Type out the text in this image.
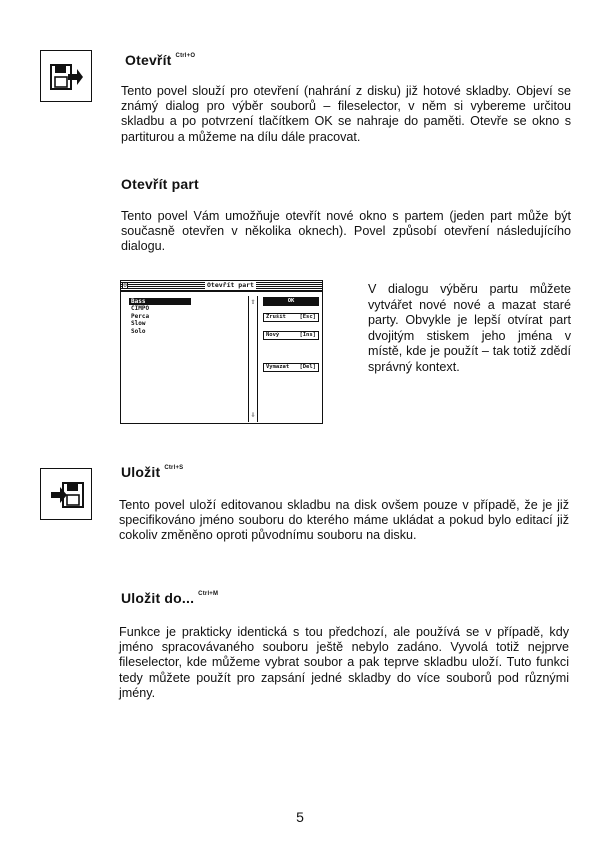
Otevřít $^{Ctrl+O}$

Tento povel slouží pro otevření (nahrání z disku) již hotové skladby. Objeví se známý dialog pro výběr souborů – fileselector, v něm si vybereme určitou skladbu a po potvrzení tlačítkem OK se nahraje do paměti. Otevře se okno s partiturou a můžeme na dílu dále pracovat.

Otevřít part

Tento povel Vám umožňuje otevřít nové okno s partem (jeden part může být současně otevřen v několika oknech). Povel způsobí otevření následujícího dialogu.

0	Otevřít part
Bass
CIMPO
Perca
Slow
Solo
⇧
⇩
OK
Zrušit [Esc]
Nový	[Ins]
Vymazat [Del]

V dialogu výběru partu můžete vytvářet nové nové a mazat staré party. Obvykle je lepší otvírat part dvojitým stiskem jeho jména v místě, kde je použít – tak totiž zdědí správný kontext.

Uložit $^{Ctrl+S}$

Tento povel uloží editovanou skladbu na disk ovšem pouze v případě, že je již specifikováno jméno souboru do kterého máme ukládat a pokud bylo editací již cokoliv změněno oproti původnímu souboru na disku.

Uložit do... $^{Ctrl+M}$

Funkce je prakticky identická s tou předchozí, ale používá se v případě, kdy jméno spracovávaného souboru ještě nebylo zadáno. Vyvolá totiž nejprve fileselector, kde můžeme vybrat soubor a pak teprve skladbu uloží. Tuto funkci tedy můžete použít pro zapsání jedné skladby do více souborů pod různými jmény.

5
